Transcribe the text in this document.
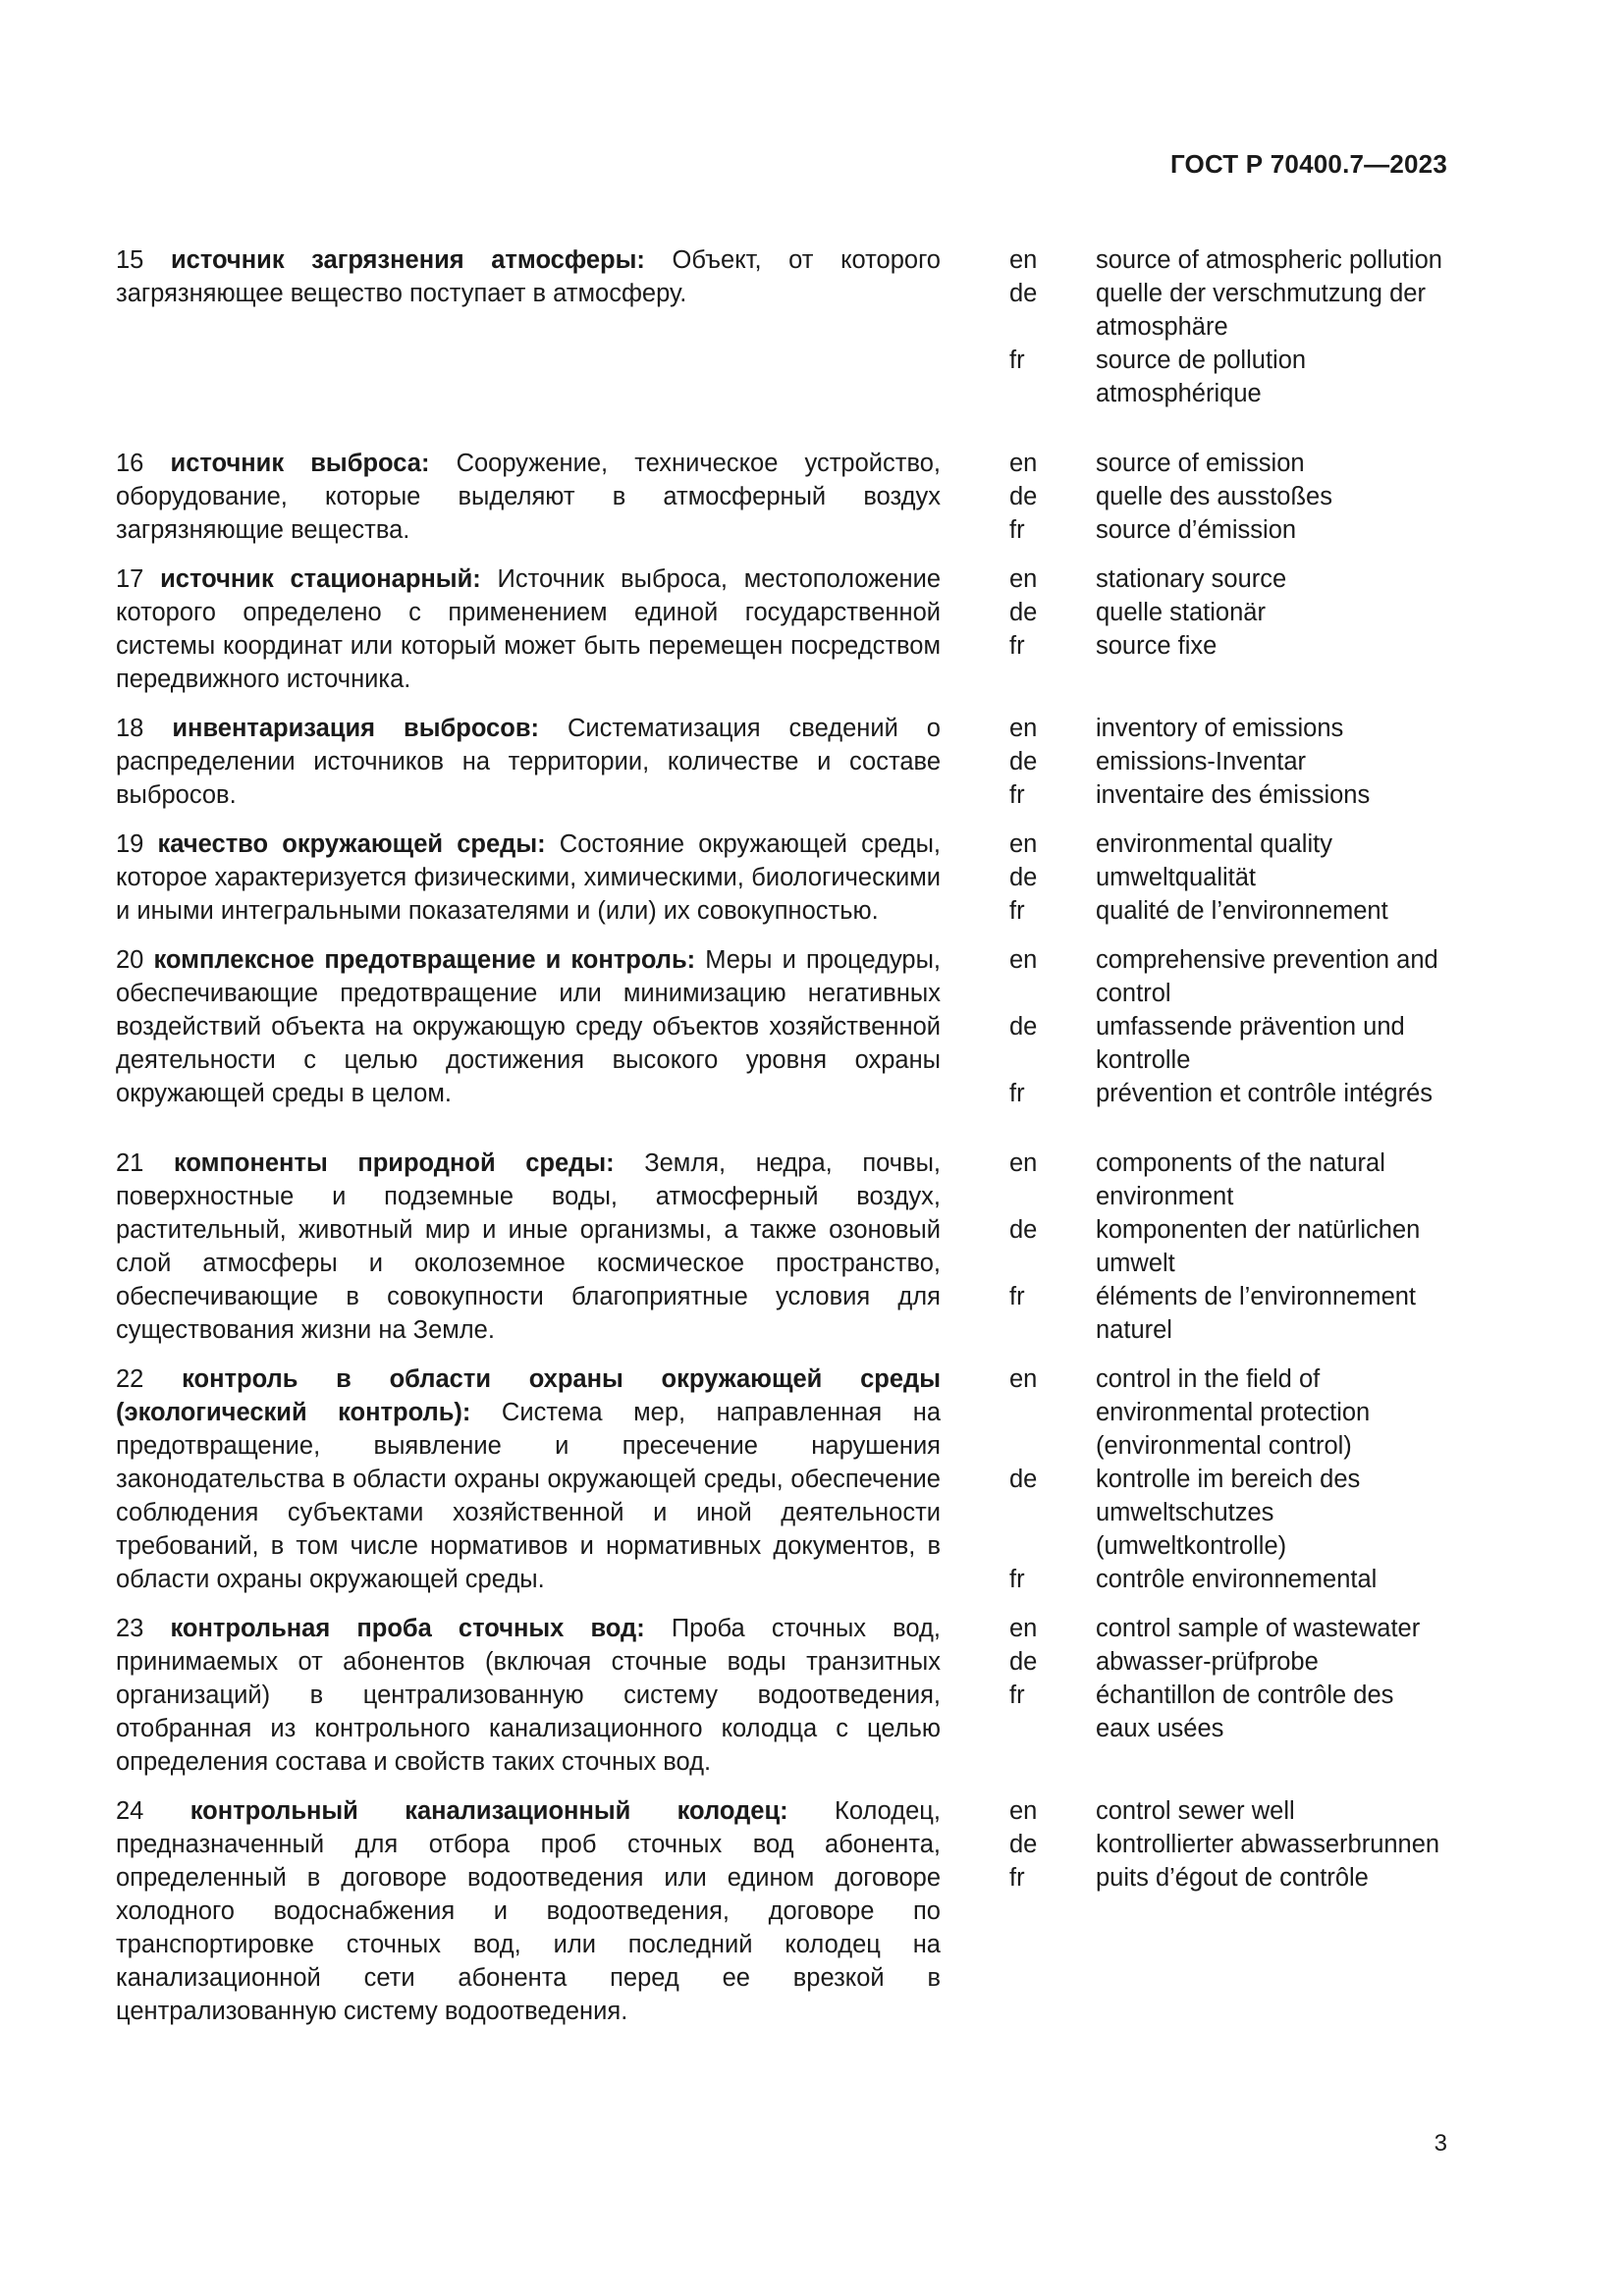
ГОСТ Р 70400.7—2023

15 источник загрязнения атмосферы: Объект, от которого загрязняющее вещество поступает в атмосферу.

en	source of atmospheric pollution
de	quelle der verschmutzung der atmosphäre
fr	source de pollution atmosphérique

16 источник выброса: Сооружение, техническое устройство, оборудование, которые выделяют в атмосферный воздух загрязняющие вещества.

en	source of emission
de	quelle des ausstoßes
fr	source d’émission

17 источник стационарный: Источник выброса, местоположение которого определено с применением единой государственной системы координат или который может быть перемещен посредством передвижного источника.

en	stationary source
de	quelle stationär
fr	source fixe

18 инвентаризация выбросов: Систематизация сведений о распределении источников на территории, количестве и составе выбросов.

en	inventory of emissions
de	emissions-Inventar
fr	inventaire des émissions

19 качество окружающей среды: Состояние окружающей среды, которое характеризуется физическими, химическими, биологическими и иными интегральными показателями и (или) их совокупностью.

en	environmental quality
de	umweltqualität
fr	qualité de l’environnement

20 комплексное предотвращение и контроль: Меры и процедуры, обеспечивающие предотвращение или минимизацию негативных воздействий объекта на окружающую среду объектов хозяйственной деятельности с целью достижения высокого уровня охраны окружающей среды в целом.

en	comprehensive prevention and control
de	umfassende prävention und kontrolle
fr	prévention et contrôle intégrés

21 компоненты природной среды: Земля, недра, почвы, поверхностные и подземные воды, атмосферный воздух, растительный, животный мир и иные организмы, а также озоновый слой атмосферы и околоземное космическое пространство, обеспечивающие в совокупности благоприятные условия для существования жизни на Земле.

en	components of the natural environment
de	komponenten der natürlichen umwelt
fr	éléments de l’environnement naturel

22 контроль в области охраны окружающей среды (экологический контроль): Система мер, направленная на предотвращение, выявление и пресечение нарушения законодательства в области охраны окружающей среды, обеспечение соблюдения субъектами хозяйственной и иной деятельности требований, в том числе нормативов и нормативных документов, в области охраны окружающей среды.

en	control in the field of environmental protection (environmental control)
de	kontrolle im bereich des umweltschutzes (umweltkontrolle)
fr	contrôle environnemental

23 контрольная проба сточных вод: Проба сточных вод, принимаемых от абонентов (включая сточные воды транзитных организаций) в централизованную систему водоотведения, отобранная из контрольного канализационного колодца с целью определения состава и свойств таких сточных вод.

en	control sample of wastewater
de	abwasser-prüfprobe
fr	échantillon de contrôle des eaux usées

24 контрольный канализационный колодец: Колодец, предназначенный для отбора проб сточных вод абонента, определенный в договоре водоотведения или едином договоре холодного водоснабжения и водоотведения, договоре по транспортировке сточных вод, или последний колодец на канализационной сети абонента перед ее врезкой в централизованную систему водоотведения.

en	control sewer well
de	kontrollierter abwasserbrunnen
fr	puits d’égout de contrôle
3
